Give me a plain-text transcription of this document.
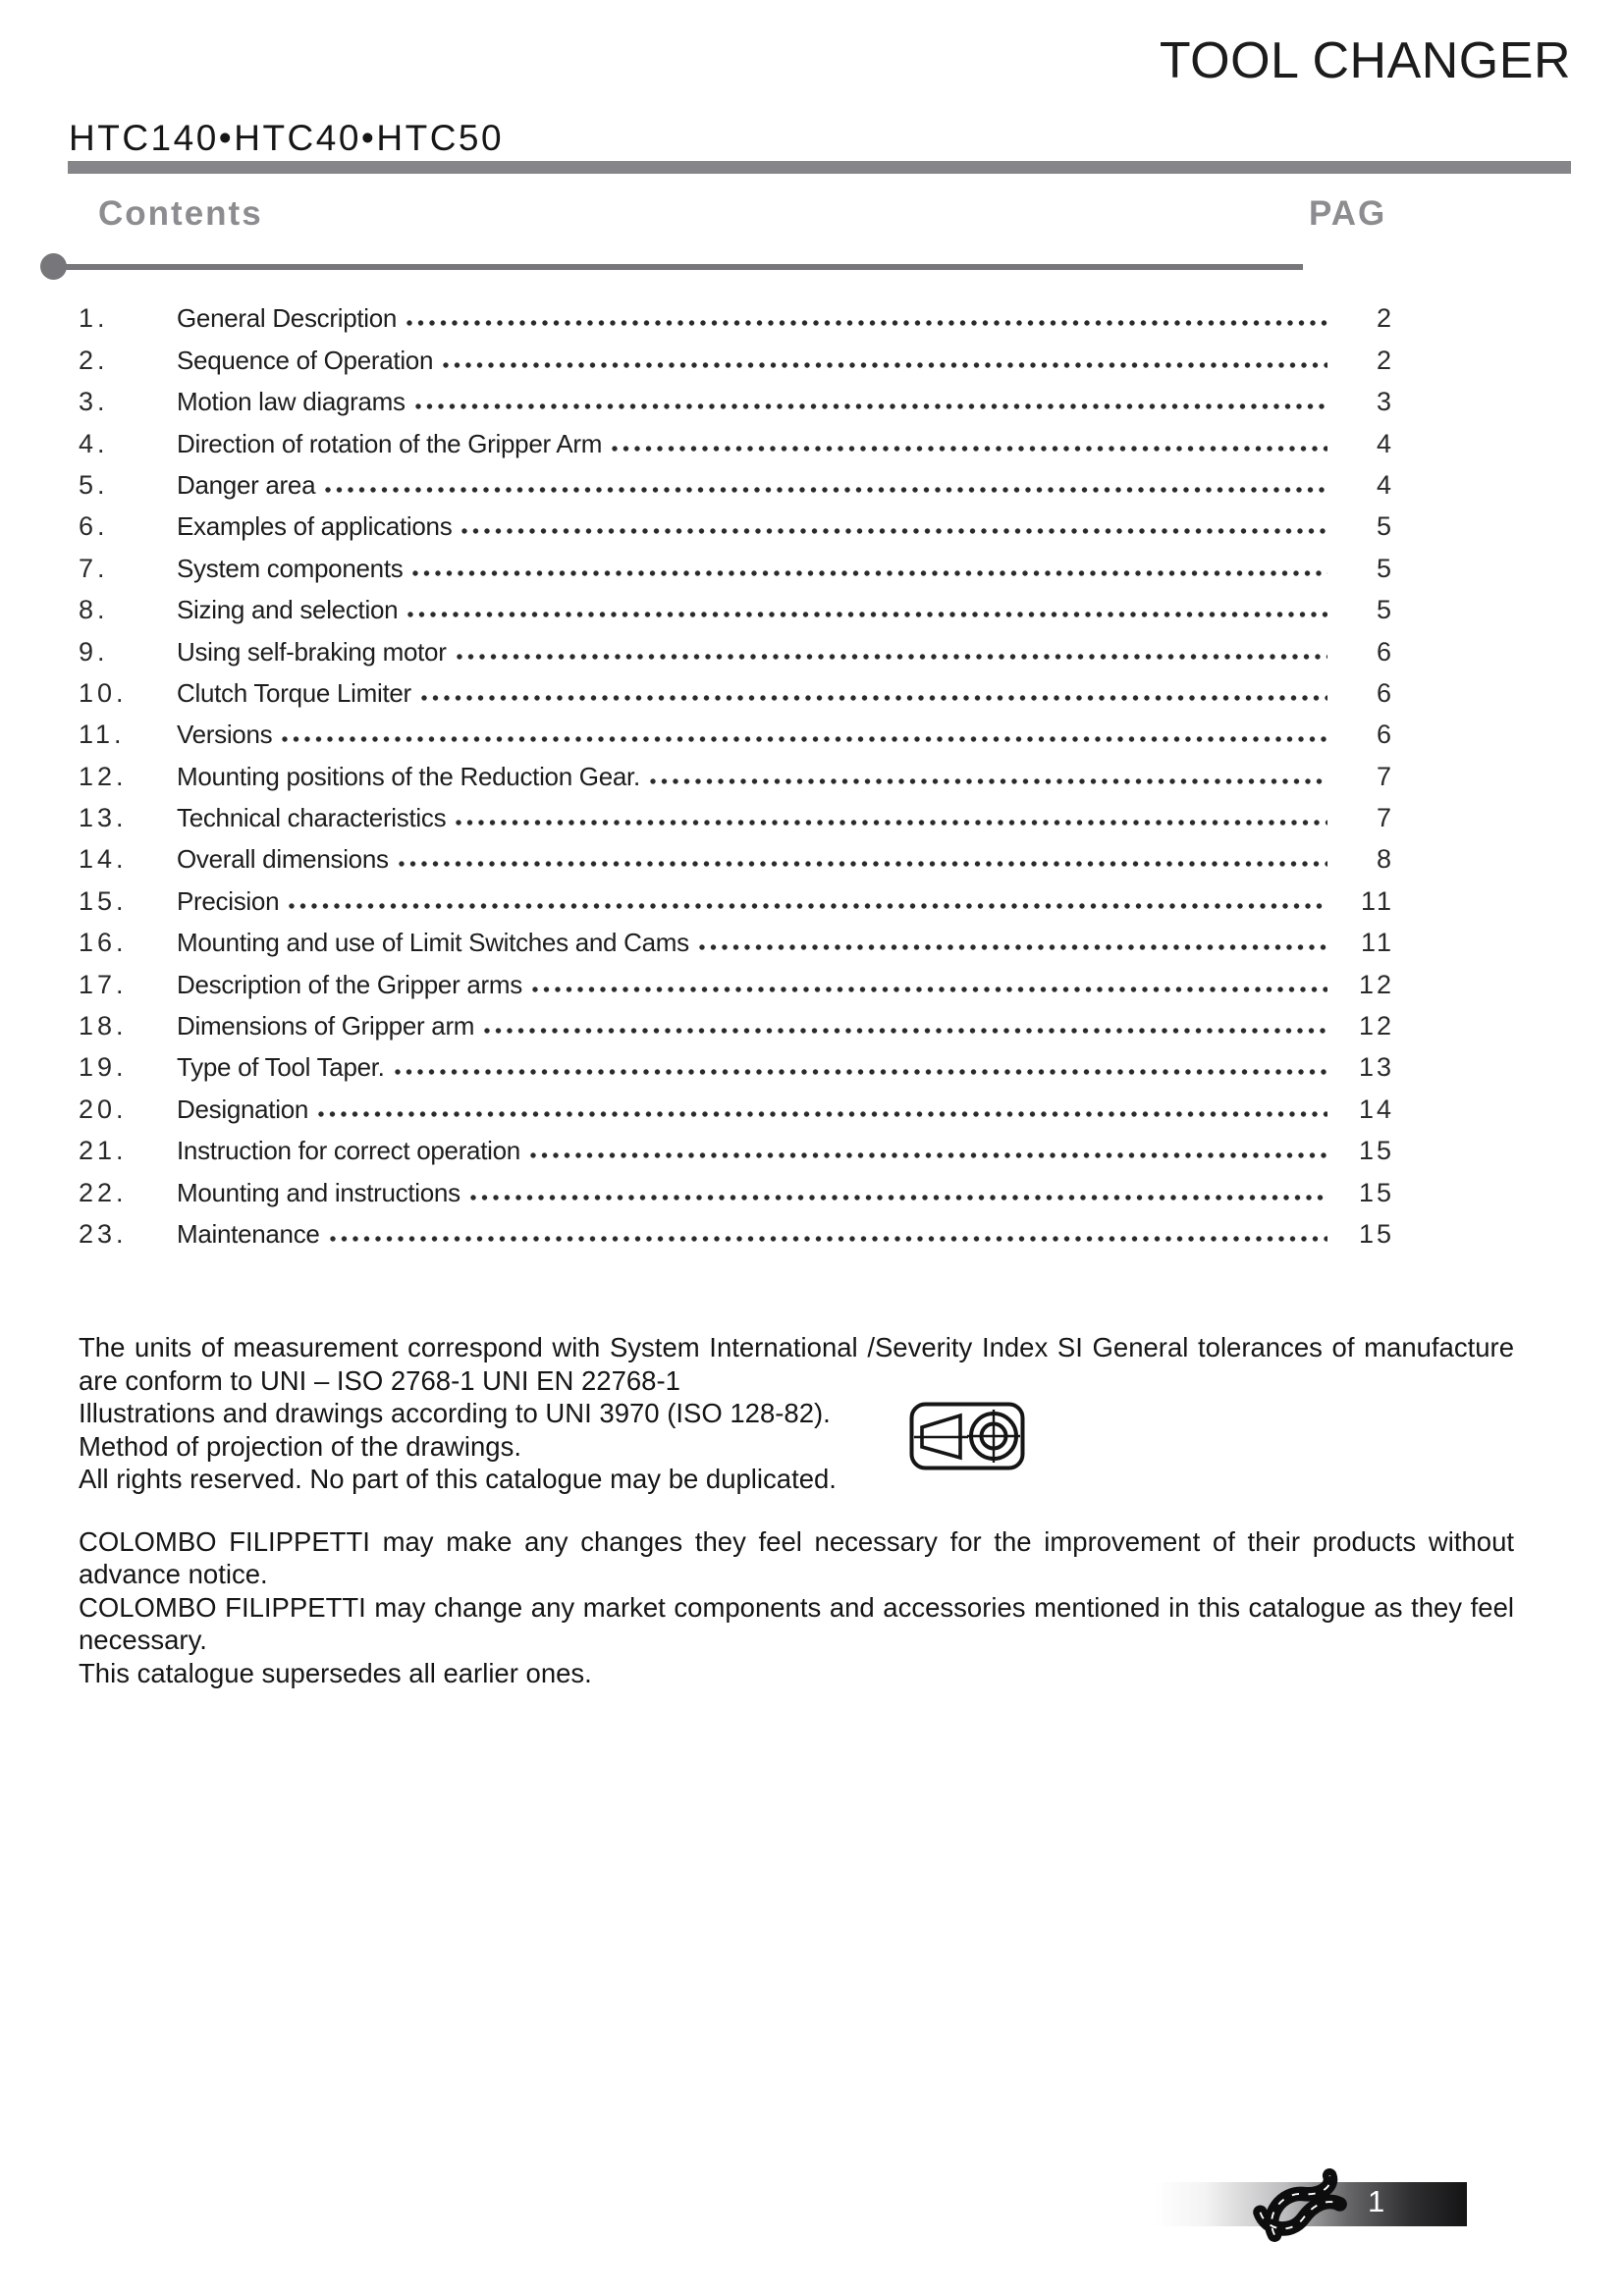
TOOL CHANGER
HTC140•HTC40•HTC50
Contents	PAG
1.	General Description	2
2.	Sequence of Operation	2
3.	Motion law diagrams	3
4.	Direction of rotation of the Gripper Arm	4
5.	Danger area	4
6.	Examples of applications	5
7.	System components	5
8.	Sizing and selection	5
9.	Using self-braking motor	6
10.	Clutch Torque Limiter	6
11.	Versions	6
12.	Mounting positions of the Reduction Gear.	7
13.	Technical characteristics	7
14.	Overall dimensions	8
15.	Precision	11
16.	Mounting and use of Limit Switches and Cams	11
17.	Description of the Gripper arms	12
18.	Dimensions of Gripper arm	12
19.	Type of Tool Taper.	13
20.	Designation	14
21.	Instruction for correct operation	15
22.	Mounting and instructions	15
23.	Maintenance	15

The units of measurement correspond with System International /Severity Index SI General tolerances of manufacture are conform to UNI – ISO 2768-1 UNI EN 22768-1

Illustrations and drawings according to UNI 3970 (ISO 128-82).

Method of projection of the drawings.

All rights reserved. No part of this catalogue may be duplicated.

COLOMBO FILIPPETTI may make any changes they feel necessary for the improvement of their products without advance notice.

COLOMBO FILIPPETTI may change any market components and accessories mentioned in this catalogue as they feel necessary.

This catalogue supersedes all earlier ones.

1
